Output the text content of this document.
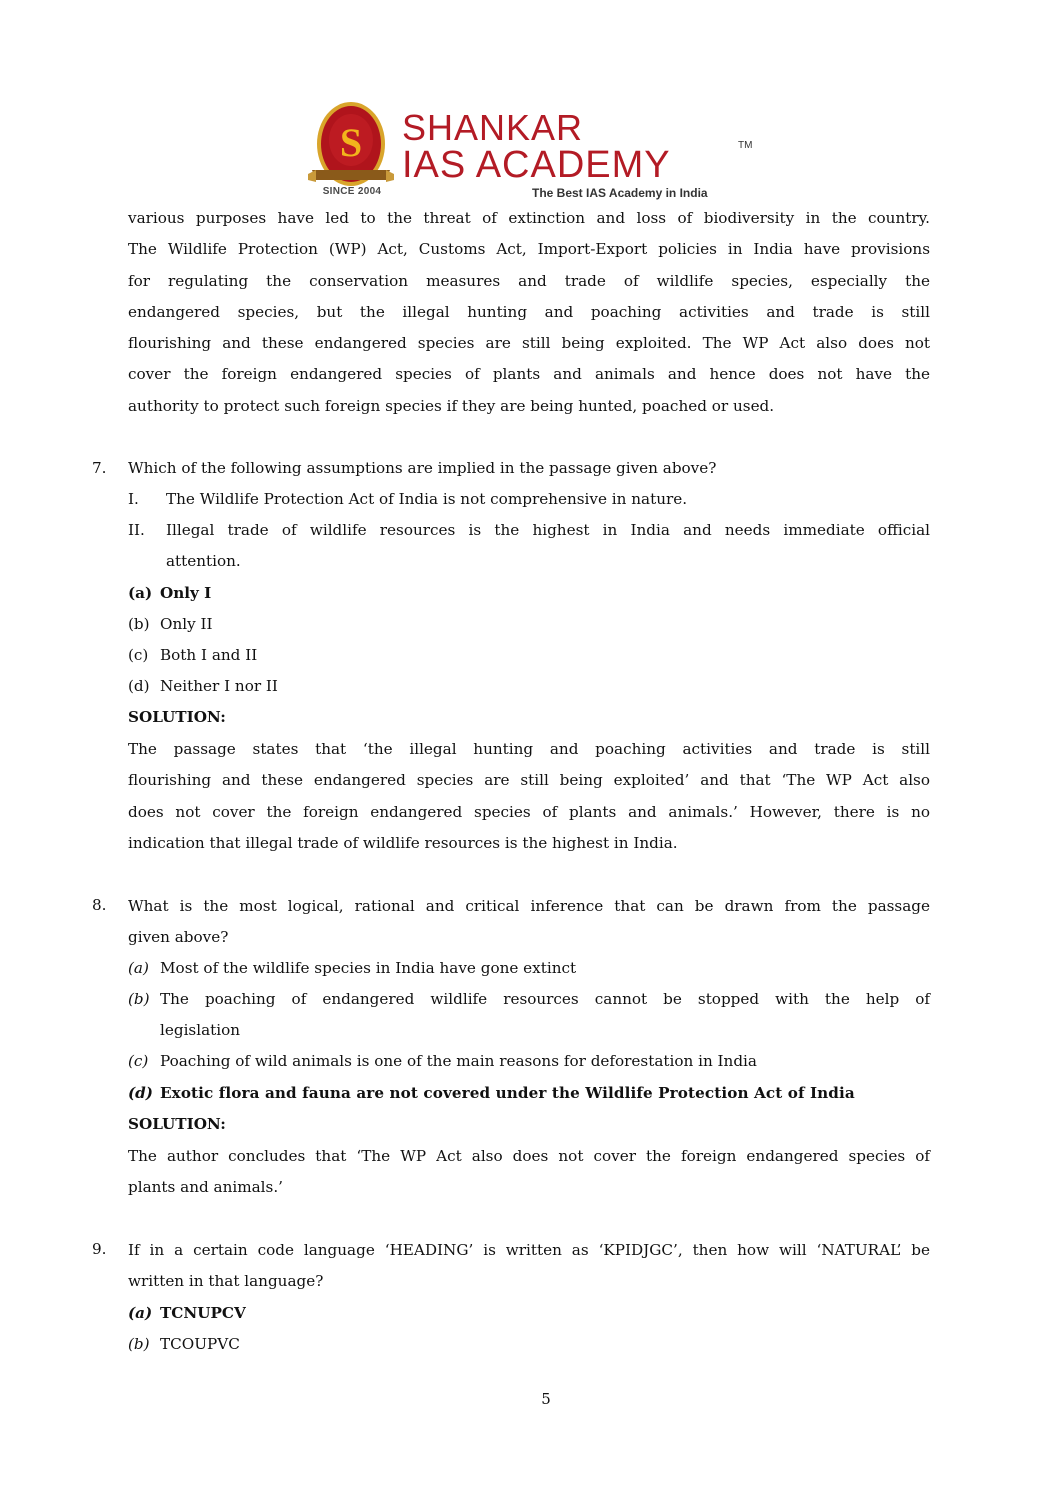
S
SINCE 2004
SHANKAR
IAS ACADEMY	TM
The Best IAS Academy in India
various purposes have led to the threat of extinction and loss of biodiversity in the country.
The Wildlife Protection (WP) Act, Customs Act, Import-Export policies in India have provisions
for regulating the conservation measures and trade of wildlife species, especially the
endangered species, but the illegal hunting and poaching activities and trade is still
flourishing and these endangered species are still being exploited. The WP Act also does not
cover the foreign endangered species of plants and animals and hence does not have the
authority to protect such foreign species if they are being hunted, poached or used.
7. Which of the following assumptions are implied in the passage given above?
I. The Wildlife Protection Act of India is not comprehensive in nature.
II. Illegal trade of wildlife resources is the highest in India and needs immediate official
attention.
(a) Only I
(b) Only II
(c) Both I and II
(d) Neither I nor II
SOLUTION:
The passage states that ‘the illegal hunting and poaching activities and trade is still
flourishing and these endangered species are still being exploited’ and that ‘The WP Act also
does not cover the foreign endangered species of plants and animals.’ However, there is no
indication that illegal trade of wildlife resources is the highest in India.
8. What is the most logical, rational and critical inference that can be drawn from the passage
given above?
(a) Most of the wildlife species in India have gone extinct
(b) The poaching of endangered wildlife resources cannot be stopped with the help of
legislation
(c) Poaching of wild animals is one of the main reasons for deforestation in India
(d) Exotic flora and fauna are not covered under the Wildlife Protection Act of India
SOLUTION:
The author concludes that ‘The WP Act also does not cover the foreign endangered species of
plants and animals.’
9. If in a certain code language ‘HEADING’ is written as ‘KPIDJGC’, then how will ‘NATURAL’ be
written in that language?
(a) TCNUPCV
(b) TCOUPVC
5
